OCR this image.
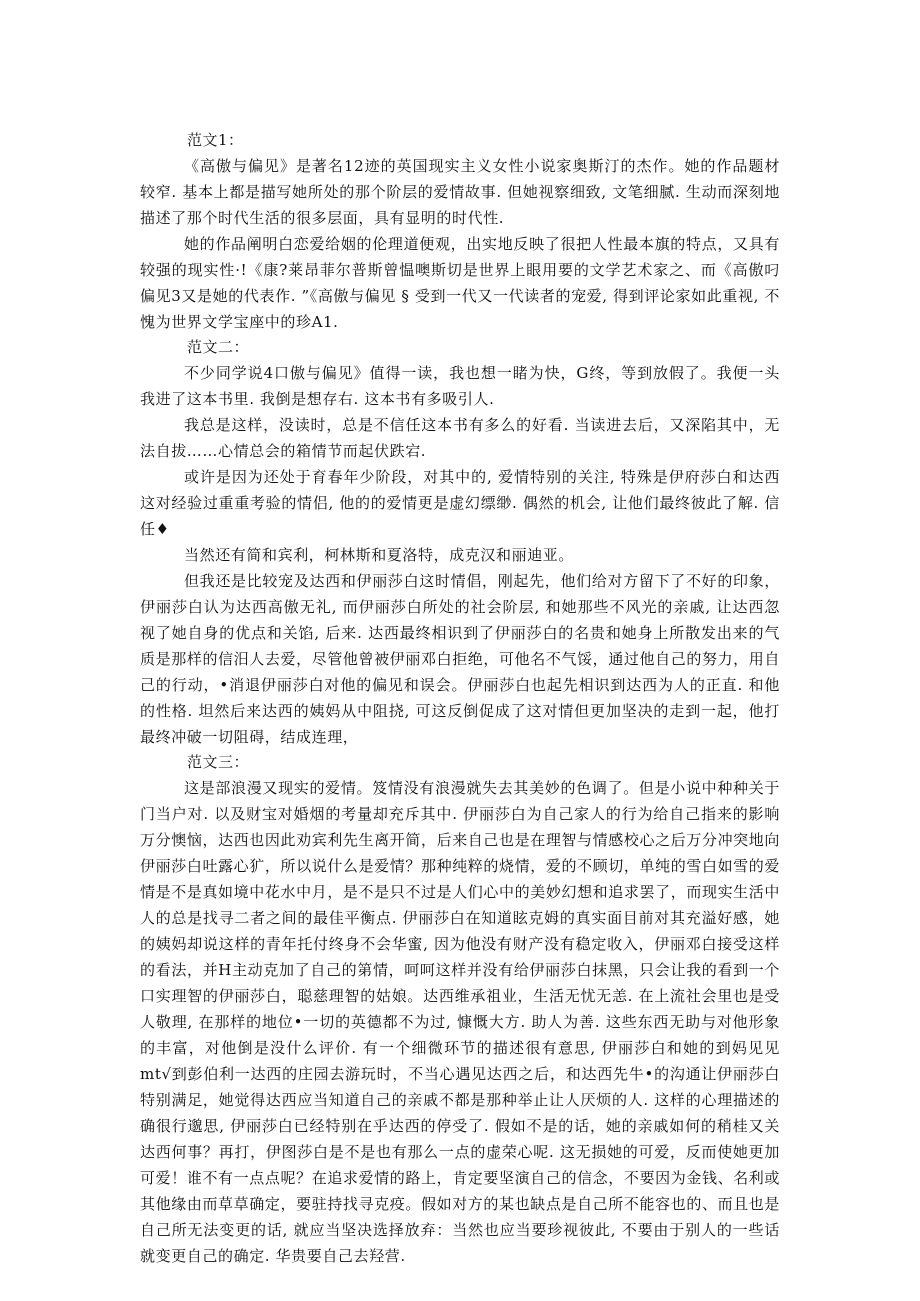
范文1：

《高傲与偏见》是著名12迹的英国现实主义女性小说家奥斯汀的杰作。她的作品题材较窄. 基本上都是描写她所处的那个阶层的爱情故事. 但她视察细致, 文笔细腻. 生动而深刻地描述了那个时代生活的很多层面，具有显明的时代性.

她的作品阐明白恋爱给姻的伦理道便观，出实地反映了很把人性最本旗的特点，又具有较强的现实性·!《康?莱昂菲尔普斯曾愠噢斯切是世界上眼用要的文学艺术家之、而《高傲叼偏见3又是她的代表作. ”《高傲与偏见 § 受到一代又一代读者的宠爱, 得到评论家如此重视, 不愧为世界文学宝座中的珍A1.

范文二：

不少同学说4口傲与偏见》值得一读，我也想一睹为快，G终，等到放假了。我便一头我进了这本书里. 我倒是想存右. 这本书有多吸引人.

我总是这样，没读时，总是不信任这本书有多么的好看. 当读进去后，又深陷其中，无法自拔……心情总会的箱情节而起伏跌宕.

或许是因为还处于育春年少阶段，对其中的, 爱情特别的关注, 特殊是伊府莎白和达西这对经验过重重考验的情侣, 他的的爱情更是虚幻缥缈. 偶然的机会, 让他们最终彼此了解. 信任♦

当然还有简和宾利，柯林斯和夏洛特，成克汉和丽迪亚。

但我还是比较宠及达西和伊丽莎白这时情倡，刚起先，他们给对方留下了不好的印象，伊丽莎白认为达西高傲无礼, 而伊丽莎白所处的社会阶层, 和她那些不风光的亲戚, 让达西忽视了她自身的优点和关馅, 后来. 达西最终相识到了伊丽莎白的名贵和她身上所散发出来的气质是那样的信汨人去爱，尽管他曾被伊丽邓白拒绝，可他名不气馁，通过他自己的努力，用自己的行动，•消退伊丽莎白对他的偏见和误会。伊丽莎白也起先相识到达西为人的正直. 和他的性格. 坦然后来达西的姨妈从中阻挠, 可这反倒促成了这对情但更加坚决的走到一起，他打最终冲破一切阻碍，结成连理，

范文三：

这是部浪漫又现实的爱情。笈情没有浪漫就失去其美妙的色调了。但是小说中种种关于门当户对. 以及财宝对婚烟的考量却充斥其中. 伊丽莎白为自己家人的行为给自己指来的影响万分懊恼，达西也因此劝宾利先生离开简，后来自己也是在理智与情感校心之后万分冲突地向伊丽莎白吐露心犷，所以说什么是爱情？那种纯粹的烧情，爱的不顾切，单纯的雪白如雪的爱情是不是真如境中花水中月，是不是只不过是人们心中的美妙幻想和追求罢了，而现实生活中人的总是找寻二者之间的最佳平衡点. 伊丽莎白在知道眩克姆的真实面目前对其充溢好感，她的姨妈却说这样的青年托付终身不会华蜜, 因为他没有财产没有稳定收入，伊丽邓白接受这样的看法，并H主动克加了自己的第情，呵呵这样并没有给伊丽莎白抹黑，只会让我的看到一个口实理智的伊丽莎白，聪慈理智的姑娘。达西维承祖业，生活无忧无恙. 在上流社会里也是受人敬理, 在那样的地位•一切的英德都不为过, 慷慨大方. 助人为善. 这些东西无助与对他形象的丰富，对他倒是没什么评价. 有一个细微环节的描述很有意思, 伊丽莎白和她的到妈见见mt√到彭伯利一达西的庄园去游玩时，不当心遇见达西之后，和达西先牛•的沟通让伊丽莎白特别满足，她觉得达西应当知道自己的亲戚不都是那种举止让人厌烦的人. 这样的心理描述的确很行邈思, 伊丽莎白已经特别在乎达西的停受了. 假如不是的话，她的亲戚如何的稍桂又关达西何事？再打，伊图莎白是不是也有那么一点的虚荣心呢. 这无损她的可爱，反而使她更加可爱！谁不有一点点呢？在追求爱情的路上，肯定要坚演自己的信念，不要因为金钱、名利或其他缘由而草草确定，要驻持找寻克疫。假如对方的某也缺点是自己所不能容也的、而且也是自己所无法变更的话, 就应当坚决选择放弃：当然也应当要珍视彼此, 不要由于别人的一些话就变更自己的确定. 华贵要自己去羟营.
